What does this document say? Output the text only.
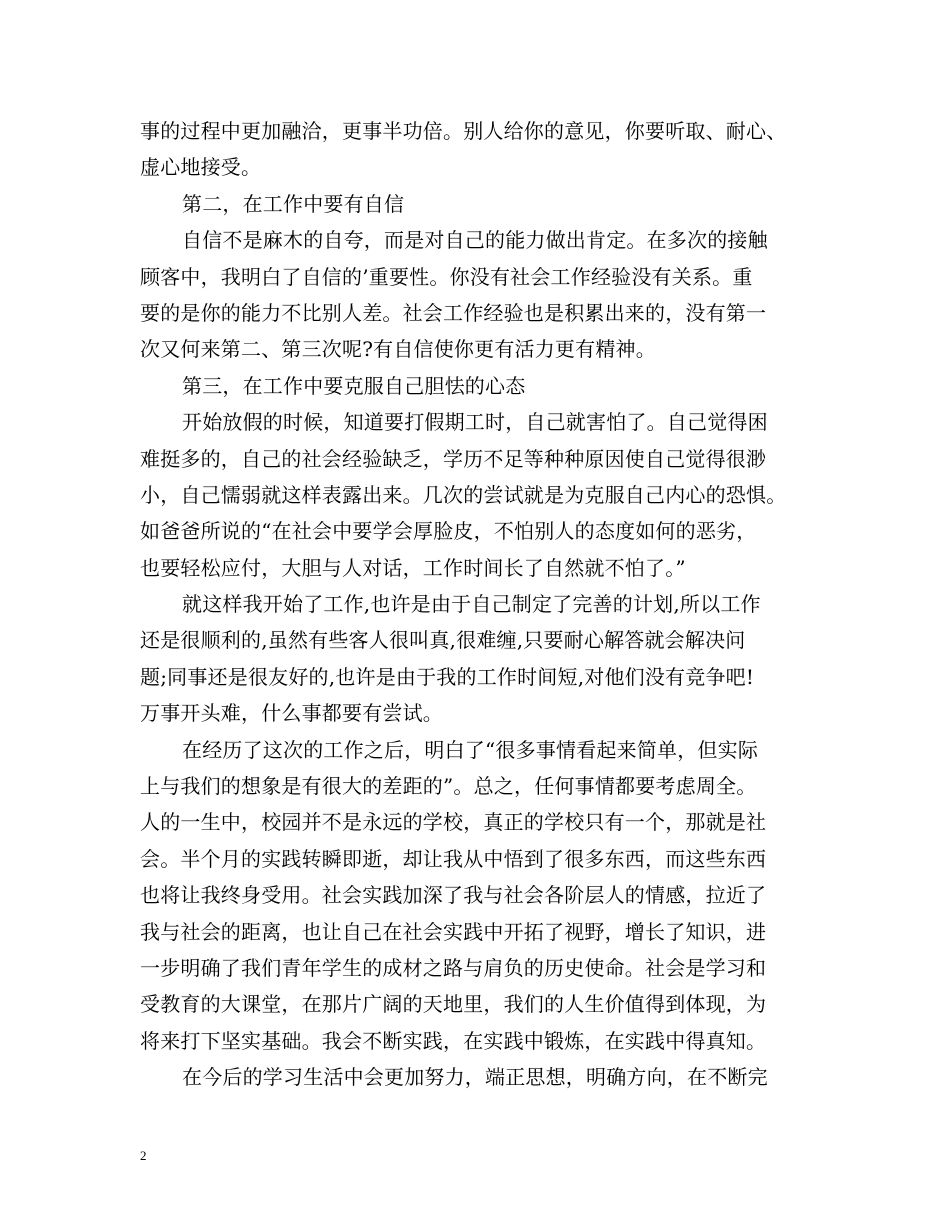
事的过程中更加融洽，更事半功倍。别人给你的意见，你要听取、耐心、
虚心地接受。
第二，在工作中要有自信
自信不是麻木的自夸，而是对自己的能力做出肯定。在多次的接触
顾客中，我明白了自信的’重要性。你没有社会工作经验没有关系。重
要的是你的能力不比别人差。社会工作经验也是积累出来的，没有第一
次又何来第二、第三次呢?有自信使你更有活力更有精神。
第三，在工作中要克服自己胆怯的心态
开始放假的时候，知道要打假期工时，自己就害怕了。自己觉得困
难挺多的，自己的社会经验缺乏，学历不足等种种原因使自己觉得很渺
小，自己懦弱就这样表露出来。几次的尝试就是为克服自己内心的恐惧。
如爸爸所说的“在社会中要学会厚脸皮，不怕别人的态度如何的恶劣，
也要轻松应付，大胆与人对话，工作时间长了自然就不怕了。”
就这样我开始了工作,也许是由于自己制定了完善的计划,所以工作
还是很顺利的,虽然有些客人很叫真,很难缠,只要耐心解答就会解决问
题;同事还是很友好的,也许是由于我的工作时间短,对他们没有竞争吧!
万事开头难，什么事都要有尝试。
在经历了这次的工作之后，明白了“很多事情看起来简单，但实际
上与我们的想象是有很大的差距的”。总之，任何事情都要考虑周全。
人的一生中，校园并不是永远的学校，真正的学校只有一个，那就是社
会。半个月的实践转瞬即逝，却让我从中悟到了很多东西，而这些东西
也将让我终身受用。社会实践加深了我与社会各阶层人的情感，拉近了
我与社会的距离，也让自己在社会实践中开拓了视野，增长了知识，进
一步明确了我们青年学生的成材之路与肩负的历史使命。社会是学习和
受教育的大课堂，在那片广阔的天地里，我们的人生价值得到体现，为
将来打下坚实基础。我会不断实践，在实践中锻炼，在实践中得真知。
在今后的学习生活中会更加努力，端正思想，明确方向，在不断完
2
